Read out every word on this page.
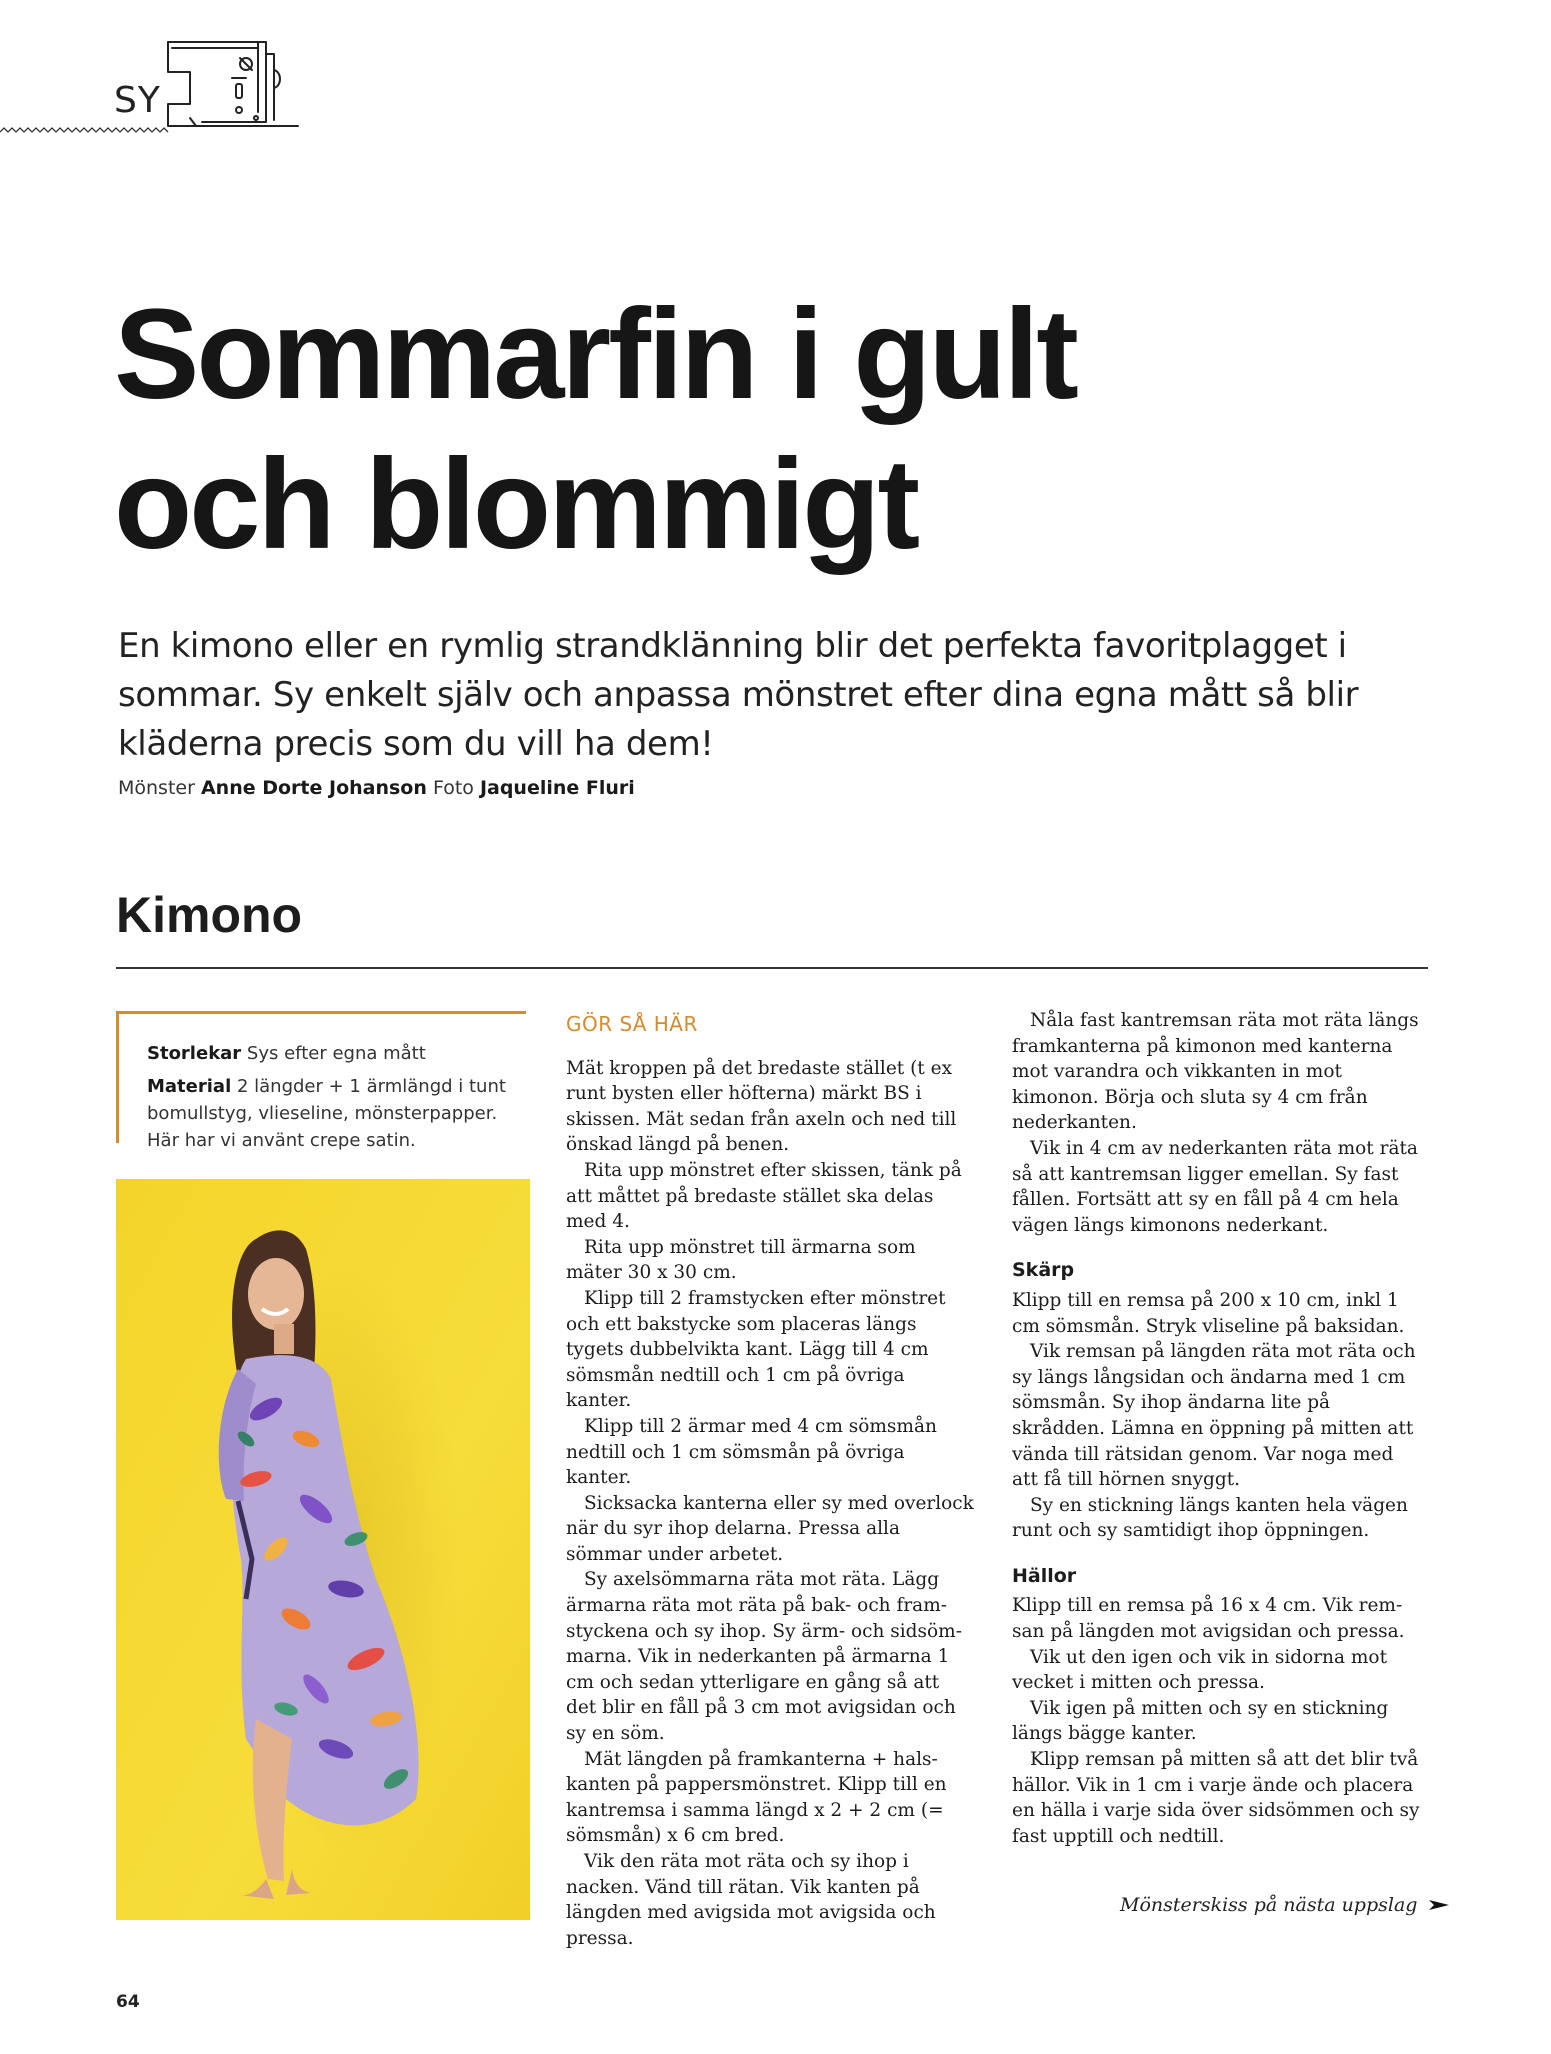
SY
Sommarfin i gult
och blommigt

En kimono eller en rymlig strandklänning blir det perfekta favoritplagget i sommar. Sy enkelt själv och anpassa mönstret efter dina egna mått så blir kläderna precis som du vill ha dem!

Mönster Anne Dorte Johanson Foto Jaqueline Fluri
Kimono

Storlekar Sys efter egna mått

Material 2 längder + 1 ärmlängd i tunt bomullstyg, vlieseline, mönsterpapper. Här har vi använt crepe satin.

GÖR SÅ HÄR

Mät kroppen på det bredaste stället (t ex runt bysten eller höfterna) märkt BS i skissen. Mät sedan från axeln och ned till önskad längd på benen.

Rita upp mönstret efter skissen, tänk på att måttet på bredaste stället ska delas med 4.

Rita upp mönstret till ärmarna som mäter 30 x 30 cm.

Klipp till 2 framstycken efter mönstret och ett bakstycke som placeras längs tygets dubbelvikta kant. Lägg till 4 cm sömsmån nedtill och 1 cm på övriga kanter.

Klipp till 2 ärmar med 4 cm sömsmån nedtill och 1 cm sömsmån på övriga kanter.

Sicksacka kanterna eller sy med overlock när du syr ihop delarna. Pressa alla sömmar under arbetet.

Sy axelsömmarna räta mot räta. Lägg ärmarna räta mot räta på bak- och framstyckena och sy ihop. Sy ärm- och sidsömmarna. Vik in nederkanten på ärmarna 1 cm och sedan ytterligare en gång så att det blir en fåll på 3 cm mot avigsidan och sy en söm.

Mät längden på framkanterna + halskanten på pappersmönstret. Klipp till en kantremsa i samma längd x 2 + 2 cm (= sömsmån) x 6 cm bred.

Vik den räta mot räta och sy ihop i nacken. Vänd till rätan. Vik kanten på längden med avigsida mot avigsida och pressa.

Nåla fast kantremsan räta mot räta längs framkanterna på kimonon med kanterna mot varandra och vikkanten in mot kimonon. Börja och sluta sy 4 cm från nederkanten.

Vik in 4 cm av nederkanten räta mot räta så att kantremsan ligger emellan. Sy fast fållen. Fortsätt att sy en fåll på 4 cm hela vägen längs kimonons nederkant.

Skärp

Klipp till en remsa på 200 x 10 cm, inkl 1 cm sömsmån. Stryk vliseline på baksidan.

Vik remsan på längden räta mot räta och sy längs långsidan och ändarna med 1 cm sömsmån. Sy ihop ändarna lite på skrådden. Lämna en öppning på mitten att vända till rätsidan genom. Var noga med att få till hörnen snyggt.

Sy en stickning längs kanten hela vägen runt och sy samtidigt ihop öppningen.

Hällor

Klipp till en remsa på 16 x 4 cm. Vik remsan på längden mot avigsidan och pressa.

Vik ut den igen och vik in sidorna mot vecket i mitten och pressa.

Vik igen på mitten och sy en stickning längs bägge kanter.

Klipp remsan på mitten så att det blir två hällor. Vik in 1 cm i varje ände och placera en hälla i varje sida över sidsömmen och sy fast upptill och nedtill.

Mönsterskiss på nästa uppslag
64
